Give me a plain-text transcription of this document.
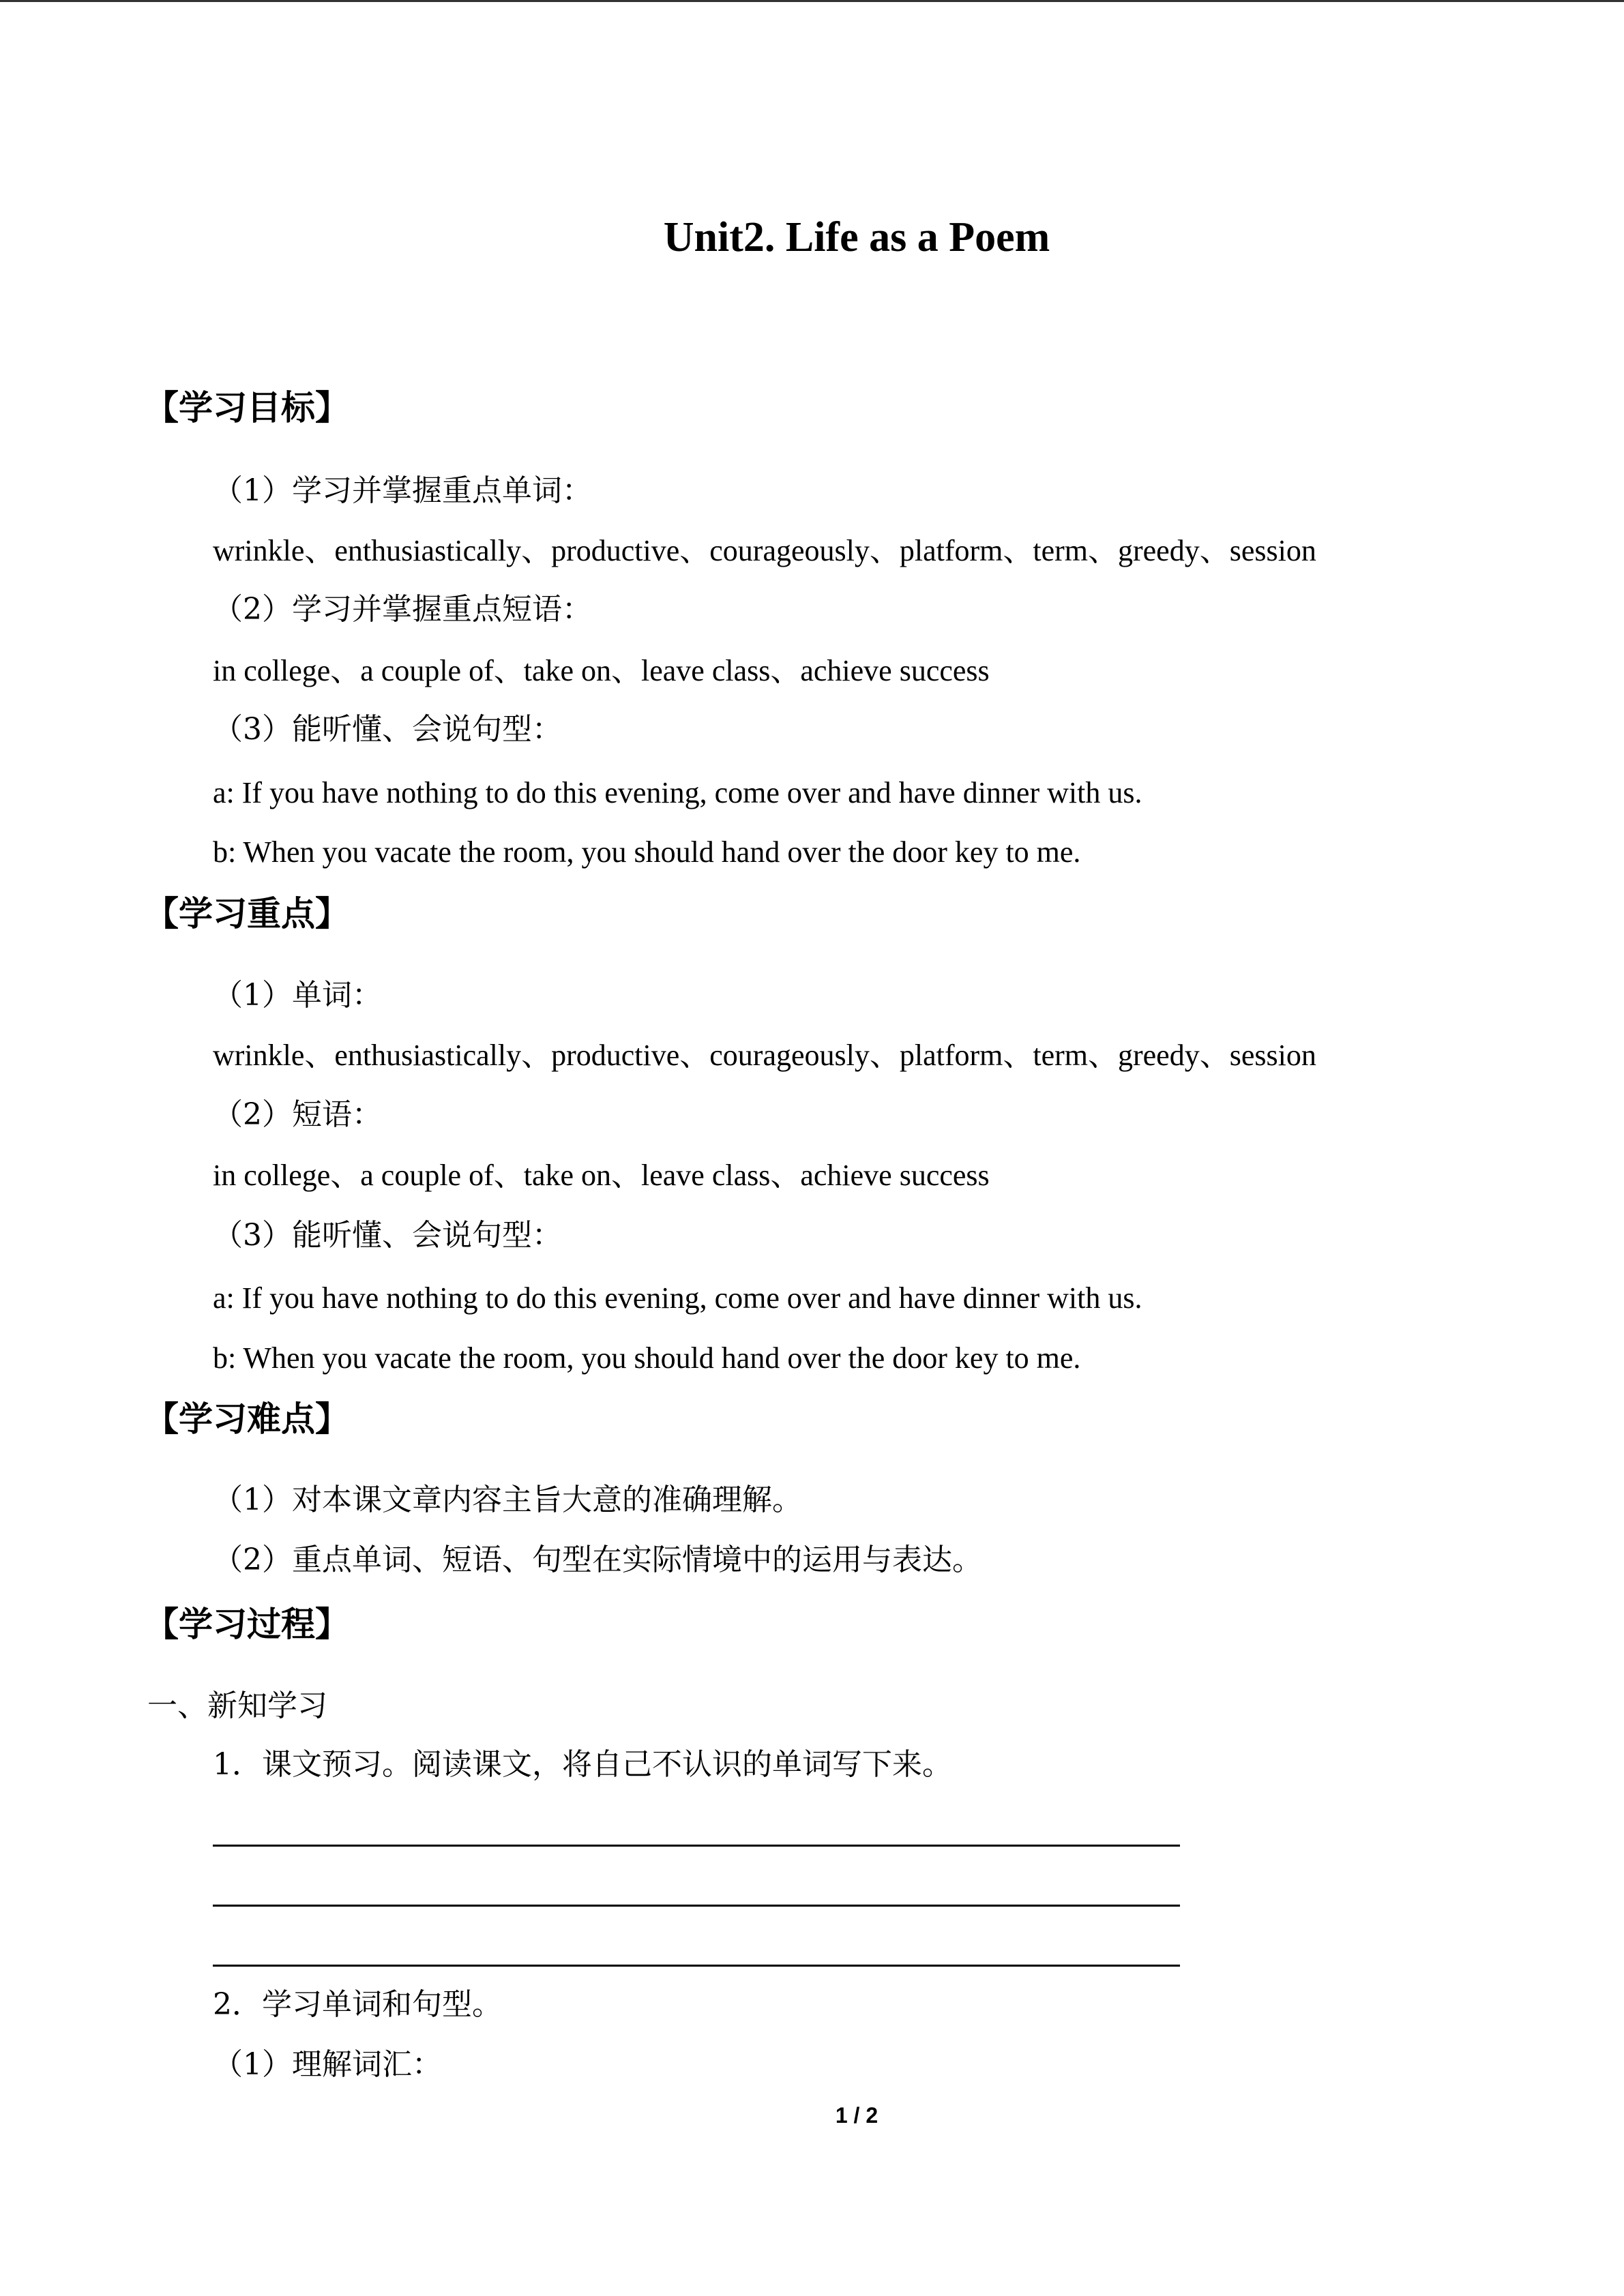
Unit2. Life as a Poem
【学习目标】
（1）学习并掌握重点单词：
wrinkle、enthusiastically、productive、courageously、platform、term、greedy、session
（2）学习并掌握重点短语：
in college、a couple of、take on、leave class、achieve success
（3）能听懂、会说句型：
a: If you have nothing to do this evening, come over and have dinner with us.
b: When you vacate the room, you should hand over the door key to me.
【学习重点】
（1）单词：
wrinkle、enthusiastically、productive、courageously、platform、term、greedy、session
（2）短语：
in college、a couple of、take on、leave class、achieve success
（3）能听懂、会说句型：
a: If you have nothing to do this evening, come over and have dinner with us.
b: When you vacate the room, you should hand over the door key to me.
【学习难点】
（1）对本课文章内容主旨大意的准确理解。
（2）重点单词、短语、句型在实际情境中的运用与表达。
【学习过程】
一、新知学习
1．课文预习。阅读课文，将自己不认识的单词写下来。
2．学习单词和句型。
（1）理解词汇：
1 / 2
